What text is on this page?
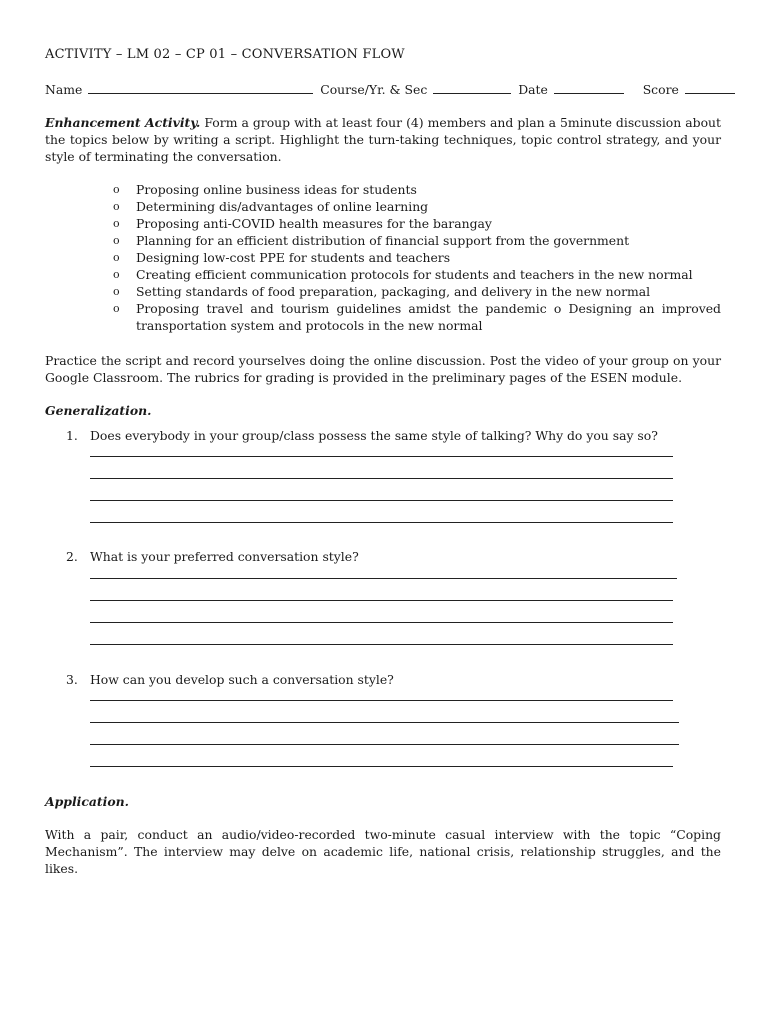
ACTIVITY – LM 02 – CP 01 – CONVERSATION FLOW
Name	Course/Yr. & Sec	Date	Score

Enhancement Activity. Form a group with at least four (4) members and plan a 5minute discussion about the topics below by writing a script. Highlight the turn-taking techniques, topic control strategy, and your style of terminating the conversation.

o Proposing online business ideas for students
o Determining dis/advantages of online learning
o Proposing anti-COVID health measures for the barangay
o Planning for an efficient distribution of financial support from the government
o Designing low-cost PPE for students and teachers
o Creating efficient communication protocols for students and teachers in the new normal
o Setting standards of food preparation, packaging, and delivery in the new normal
o Proposing travel and tourism guidelines amidst the pandemic o Designing an improved transportation system and protocols in the new normal

Practice the script and record yourselves doing the online discussion. Post the video of your group on your Google Classroom. The rubrics for grading is provided in the preliminary pages of the ESEN module.

Generalization.
1. Does everybody in your group/class possess the same style of talking? Why do you say so?
2. What is your preferred conversation style?
3. How can you develop such a conversation style?
Application.

With a pair, conduct an audio/video-recorded two-minute casual interview with the topic “Coping Mechanism”. The interview may delve on academic life, national crisis, relationship struggles, and the likes.
